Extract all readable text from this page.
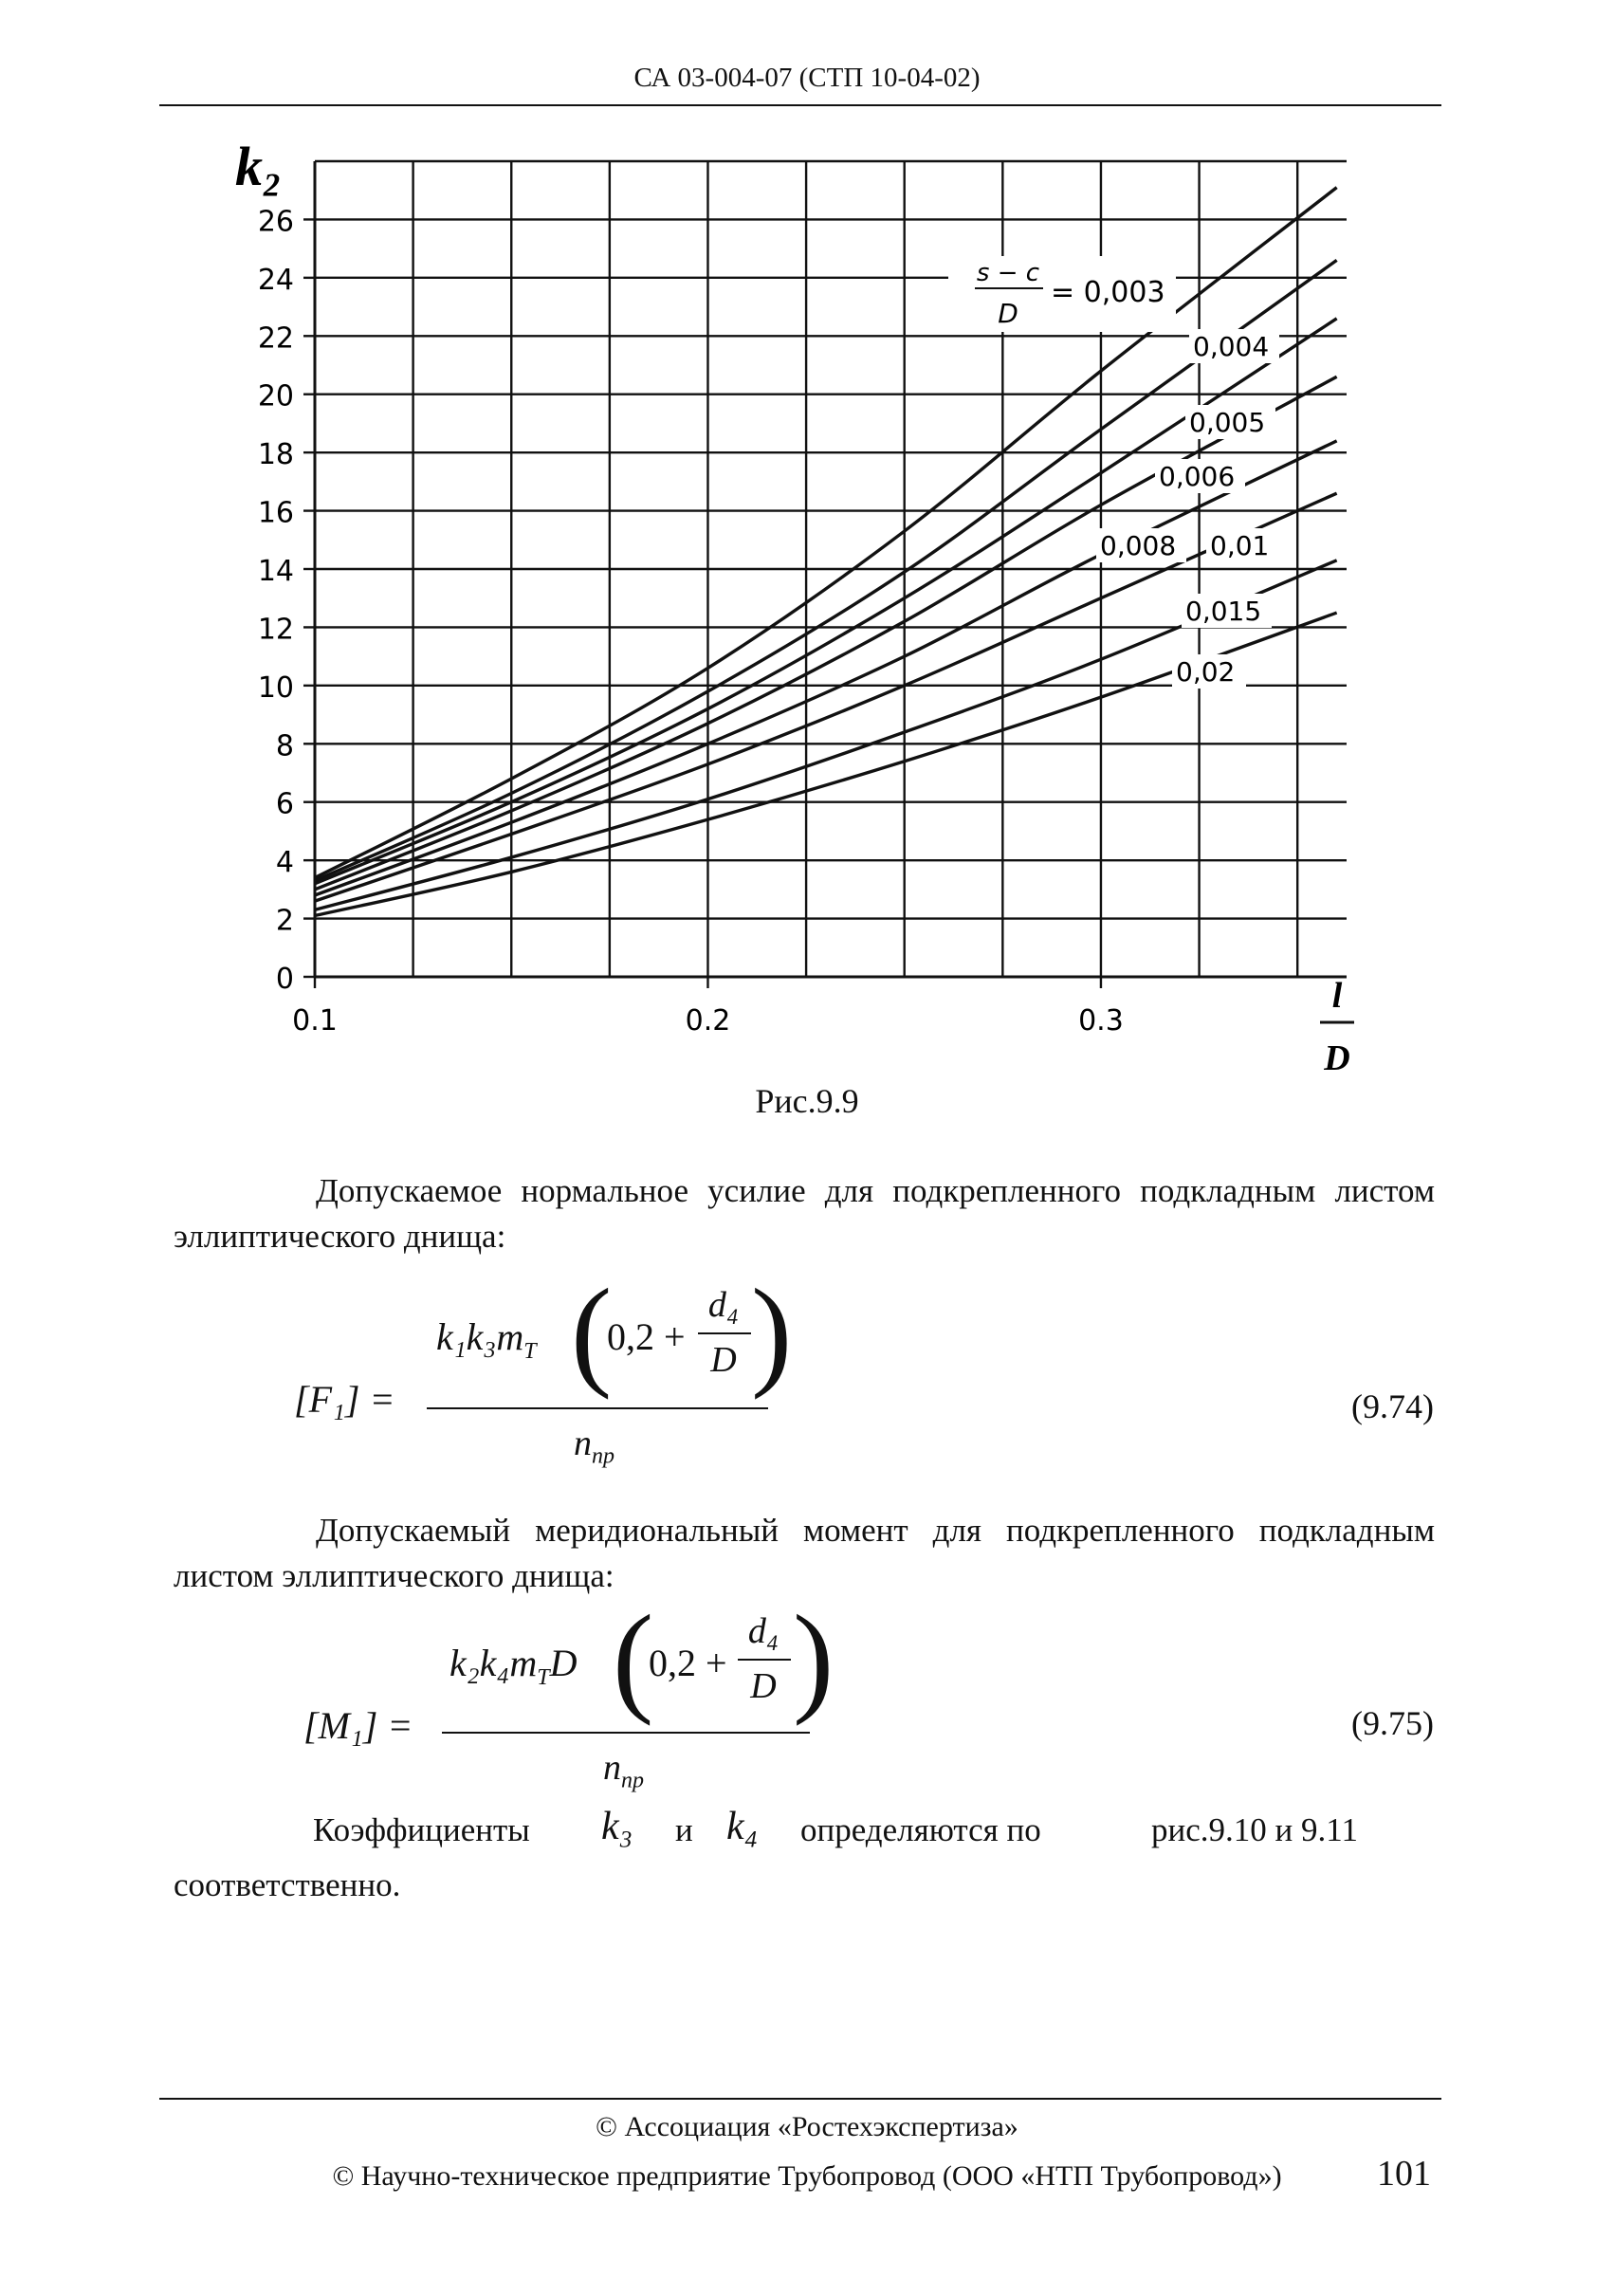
СА 03-004-07 (СТП 10-04-02)
0
2
4
6
8
10
12
14
16
18
20
22
24
26
0.1	0.2	0.3
k₂
l
D
s − c
D
= 0,003
0,004
0,005
0,006
0,008 0,01
0,015
0,02
Рис.9.9
Допускаемое нормальное усилие для подкрепленного подкладным листом эллиптического днища:
[F₁] =
$k_1k_3m_T$ (
0,2 +
d₄
D )
$n_{пр}$
(9.74)
Допускаемый меридиональный момент для подкрепленного подкладным листом эллиптического днища:
[M₁] =
$k_2k_4m_TD$ (
0,2 +
d₄
D )
$n_{пр}$
(9.75)
Коэффициенты k₃ и k₄ определяются по	рис.9.10 и 9.11
соответственно.
© Ассоциация «Ростехэкспертиза»
© Научно-техническое предприятие Трубопровод (ООО «НТП Трубопровод»)	101
